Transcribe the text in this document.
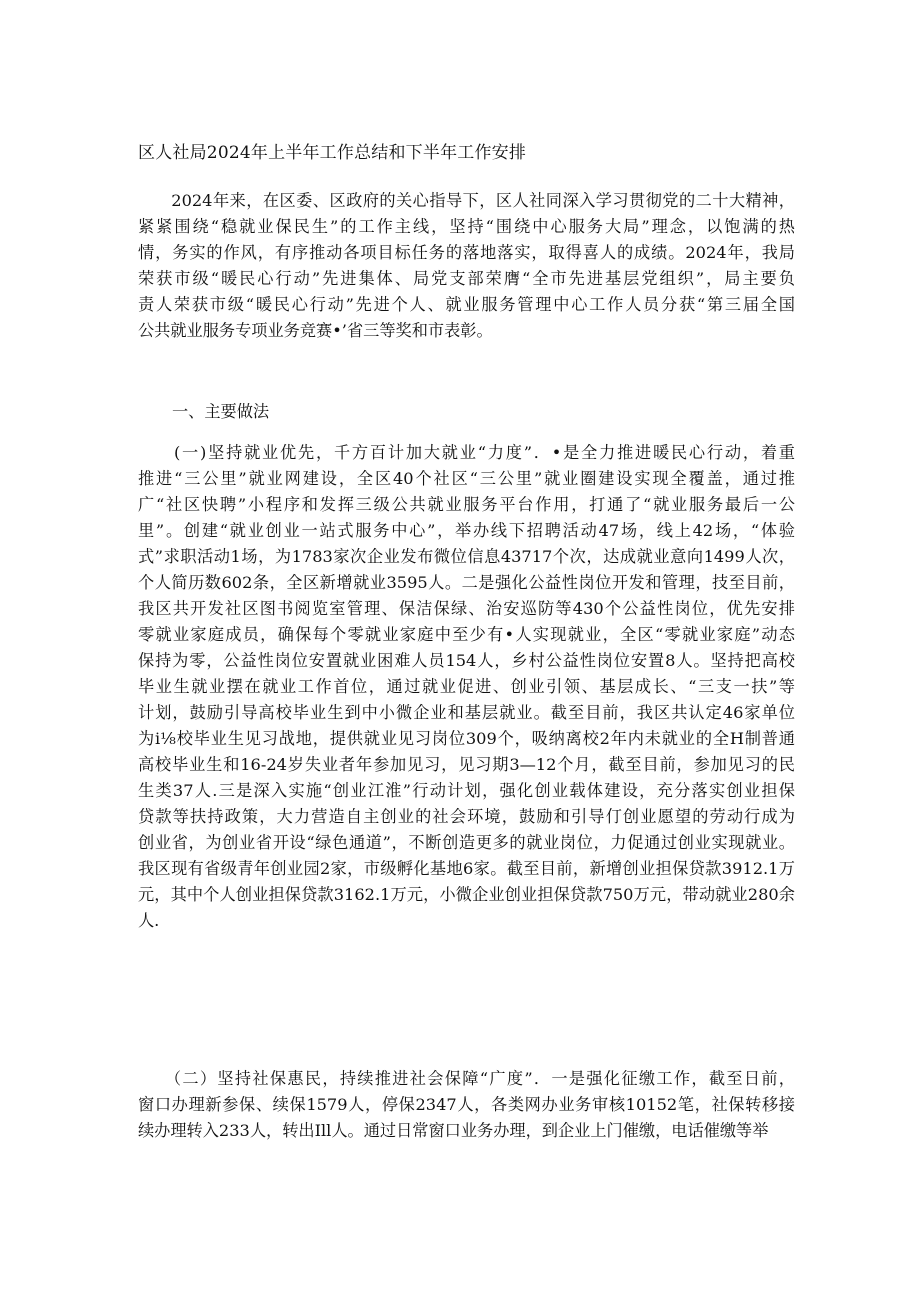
区人社局2024年上半年工作总结和下半年工作安排
　　2024年来，在区委、区政府的关心指导下，区人社同深入学习贯彻党的二十大精神，
紧紧围绕“稳就业保民生”的工作主线，坚持“围绕中心服务大局”理念，以饱满的热
情，务实的作风，有序推动各项目标任务的落地落实，取得喜人的成绩。2024年，我局
荣获市级“暖民心行动”先进集体、局党支部荣膺“全市先进基层党组织”，局主要负
责人荣获市级“暖民心行动”先进个人、就业服务管理中心工作人员分获“第三届全国
公共就业服务专项业务竞赛•’省三等奖和市表彰。
一、主要做法
　　(一)坚持就业优先，千方百计加大就业“力度”．•是全力推进暖民心行动，着重
推进“三公里”就业网建设，全区40个社区“三公里”就业圈建设实现全覆盖，通过推
广“社区快聘”小程序和发挥三级公共就业服务平台作用，打通了“就业服务最后一公
里”。创建“就业创业一站式服务中心”，举办线下招聘活动47场，线上42场，“体验
式”求职活动1场，为1783家次企业发布微位信息43717个次，达成就业意向1499人次，
个人简历数602条，全区新增就业3595人。二是强化公益性岗位开发和管理，技至目前，
我区共开发社区图书阅览室管理、保洁保绿、治安巡防等430个公益性岗位，优先安排
零就业家庭成员，确保每个零就业家庭中至少有•人实现就业，全区“零就业家庭”动态
保持为零，公益性岗位安置就业困难人员154人，乡村公益性岗位安置8人。坚持把高校
毕业生就业摆在就业工作首位，通过就业促进、创业引领、基层成长、“三支一扶”等
计划，鼓励引导高校毕业生到中小微企业和基层就业。截至目前，我区共认定46家单位
为i⅛校毕业生见习战地，提供就业见习岗位309个，吸纳离校2年内未就业的全H制普通
高校毕业生和16-24岁失业者年参加见习，见习期3—12个月，截至目前，参加见习的民
生类37人.三是深入实施“创业江淮”行动计划，强化创业载体建设，充分落实创业担保
贷款等扶持政策，大力营造自主创业的社会环境，鼓励和引导仃创业愿望的劳动行成为
创业省，为创业省开设“绿色通道”，不断创造更多的就业岗位，力促通过创业实现就业。
我区现有省级青年创业园2家，市级孵化基地6家。截至目前，新增创业担保贷款3912.1万
元，其中个人创业担保贷款3162.1万元，小微企业创业担保贷款750万元，带动就业280余
人.
　　（二）坚持社保惠民，持续推进社会保障“广度”．一是强化征缴工作，截至日前，
窗口办理新参保、续保1579人，停保2347人，各类网办业务审核10152笔，社保转移接
续办理转入233人，转出Ill人。通过日常窗口业务办理，到企业上门催缴，电话催缴等举
